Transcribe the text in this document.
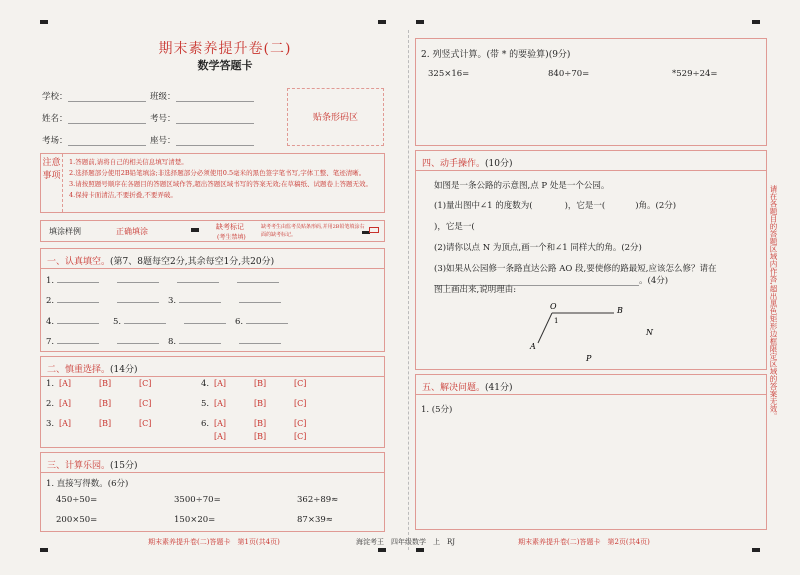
期末素养提升卷(二)
数学答题卡
学校：	班级：
姓名：	考号：
考场：	座号：
贴条形码区
注意事项
1.答题前,请将自己的相关信息填写清楚。
2.选择题部分使用2B铅笔填涂;非选择题部分必须使用0.5毫米的黑色签字笔书写,字体工整、笔迹清晰。
3.请按照题号顺序在各题目的答题区域作答,超出答题区域书写的答案无效;在草稿纸、试题卷上答题无效。
4.保持卡面清洁,不要折叠,不要弄破。
填涂样例	正确填涂	缺考标记
(考生禁填)
缺考考生由监考员贴条形码,并用2B铅笔填涂右面的缺考标记。
一、认真填空。(第7、8题每空2分,其余每空1分,共20分)
1.
2.	3.
4.	5.	6.
7.	8.
二、慎重选择。(14分)
1. [A]	[B]	[C]	4. [A]	[B]	[C]
2. [A]	[B]	[C]	5. [A]	[B]	[C]
3. [A]	[B]	[C]	6. [A]	[B]	[C]
[A]	[B]	[C]
三、计算乐园。(15分)
1. 直接写得数。(6分)
450÷50=	3500÷70=	362÷89≈
200×50=	150×20=	87×39≈
期末素养提升卷(二)答题卡　第1页(共4页)
2. 列竖式计算。(带 * 的要验算)(9分)
325×16=	840÷70=	*529÷24=
四、动手操作。(10分)
如图是一条公路的示意图,点 P 处是一个公园。
(1)量出图中∠1 的度数为(	)，它是一(	)角。(2分)
)，它是一(
(2)请你以点 N 为顶点,画一个和∠1 同样大的角。(2分)
(3)如果从公园修一条路直达公路 AO 段,要使修的路最短,应该怎么修？请在。(4分)
图上画出来,说明理由:
O	B
A
1
N
P
五、解决问题。(41分)
1. (5分)
海淀考王　四年级数学　上　RJ	期末素养提升卷(二)答题卡　第2页(共4页)
请在各题目的答题区域内作答,超出黑色矩形边框限定区域的答案无效。
